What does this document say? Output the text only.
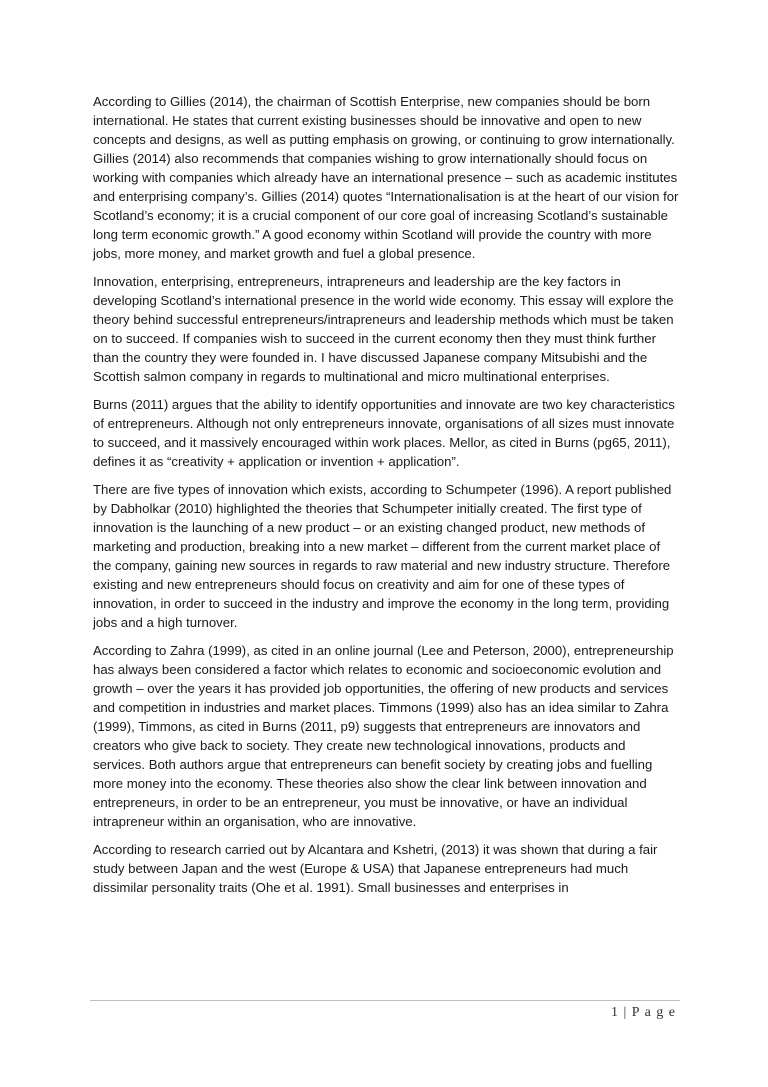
According to Gillies (2014), the chairman of Scottish Enterprise, new companies should be born international. He states that current existing businesses should be innovative and open to new concepts and designs, as well as putting emphasis on growing, or continuing to grow internationally. Gillies (2014) also recommends that companies wishing to grow internationally should focus on working with companies which already have an international presence – such as academic institutes and enterprising company’s. Gillies (2014) quotes “Internationalisation is at the heart of our vision for Scotland’s economy; it is a crucial component of our core goal of increasing Scotland’s sustainable long term economic growth.” A good economy within Scotland will provide the country with more jobs, more money, and market growth and fuel a global presence.

Innovation, enterprising, entrepreneurs, intrapreneurs and leadership are the key factors in developing Scotland’s international presence in the world wide economy. This essay will explore the theory behind successful entrepreneurs/intrapreneurs and leadership methods which must be taken on to succeed. If companies wish to succeed in the current economy then they must think further than the country they were founded in. I have discussed Japanese company Mitsubishi and the Scottish salmon company in regards to multinational and micro multinational enterprises.

Burns (2011) argues that the ability to identify opportunities and innovate are two key characteristics of entrepreneurs. Although not only entrepreneurs innovate, organisations of all sizes must innovate to succeed, and it massively encouraged within work places. Mellor, as cited in Burns (pg65, 2011), defines it as “creativity + application or invention + application”.

There are five types of innovation which exists, according to Schumpeter (1996). A report published by Dabholkar (2010) highlighted the theories that Schumpeter initially created. The first type of innovation is the launching of a new product – or an existing changed product, new methods of marketing and production, breaking into a new market – different from the current market place of the company, gaining new sources in regards to raw material and new industry structure. Therefore existing and new entrepreneurs should focus on creativity and aim for one of these types of innovation, in order to succeed in the industry and improve the economy in the long term, providing jobs and a high turnover.

According to Zahra (1999), as cited in an online journal (Lee and Peterson, 2000), entrepreneurship has always been considered a factor which relates to economic and socioeconomic evolution and growth – over the years it has provided job opportunities, the offering of new products and services and competition in industries and market places. Timmons (1999) also has an idea similar to Zahra (1999), Timmons, as cited in Burns (2011, p9) suggests that entrepreneurs are innovators and creators who give back to society. They create new technological innovations, products and services. Both authors argue that entrepreneurs can benefit society by creating jobs and fuelling more money into the economy. These theories also show the clear link between innovation and entrepreneurs, in order to be an entrepreneur, you must be innovative, or have an individual intrapreneur within an organisation, who are innovative.

According to research carried out by Alcantara and Kshetri, (2013) it was shown that during a fair study between Japan and the west (Europe & USA) that Japanese entrepreneurs had much dissimilar personality traits (Ohe et al. 1991). Small businesses and enterprises in

1 | P a g e
